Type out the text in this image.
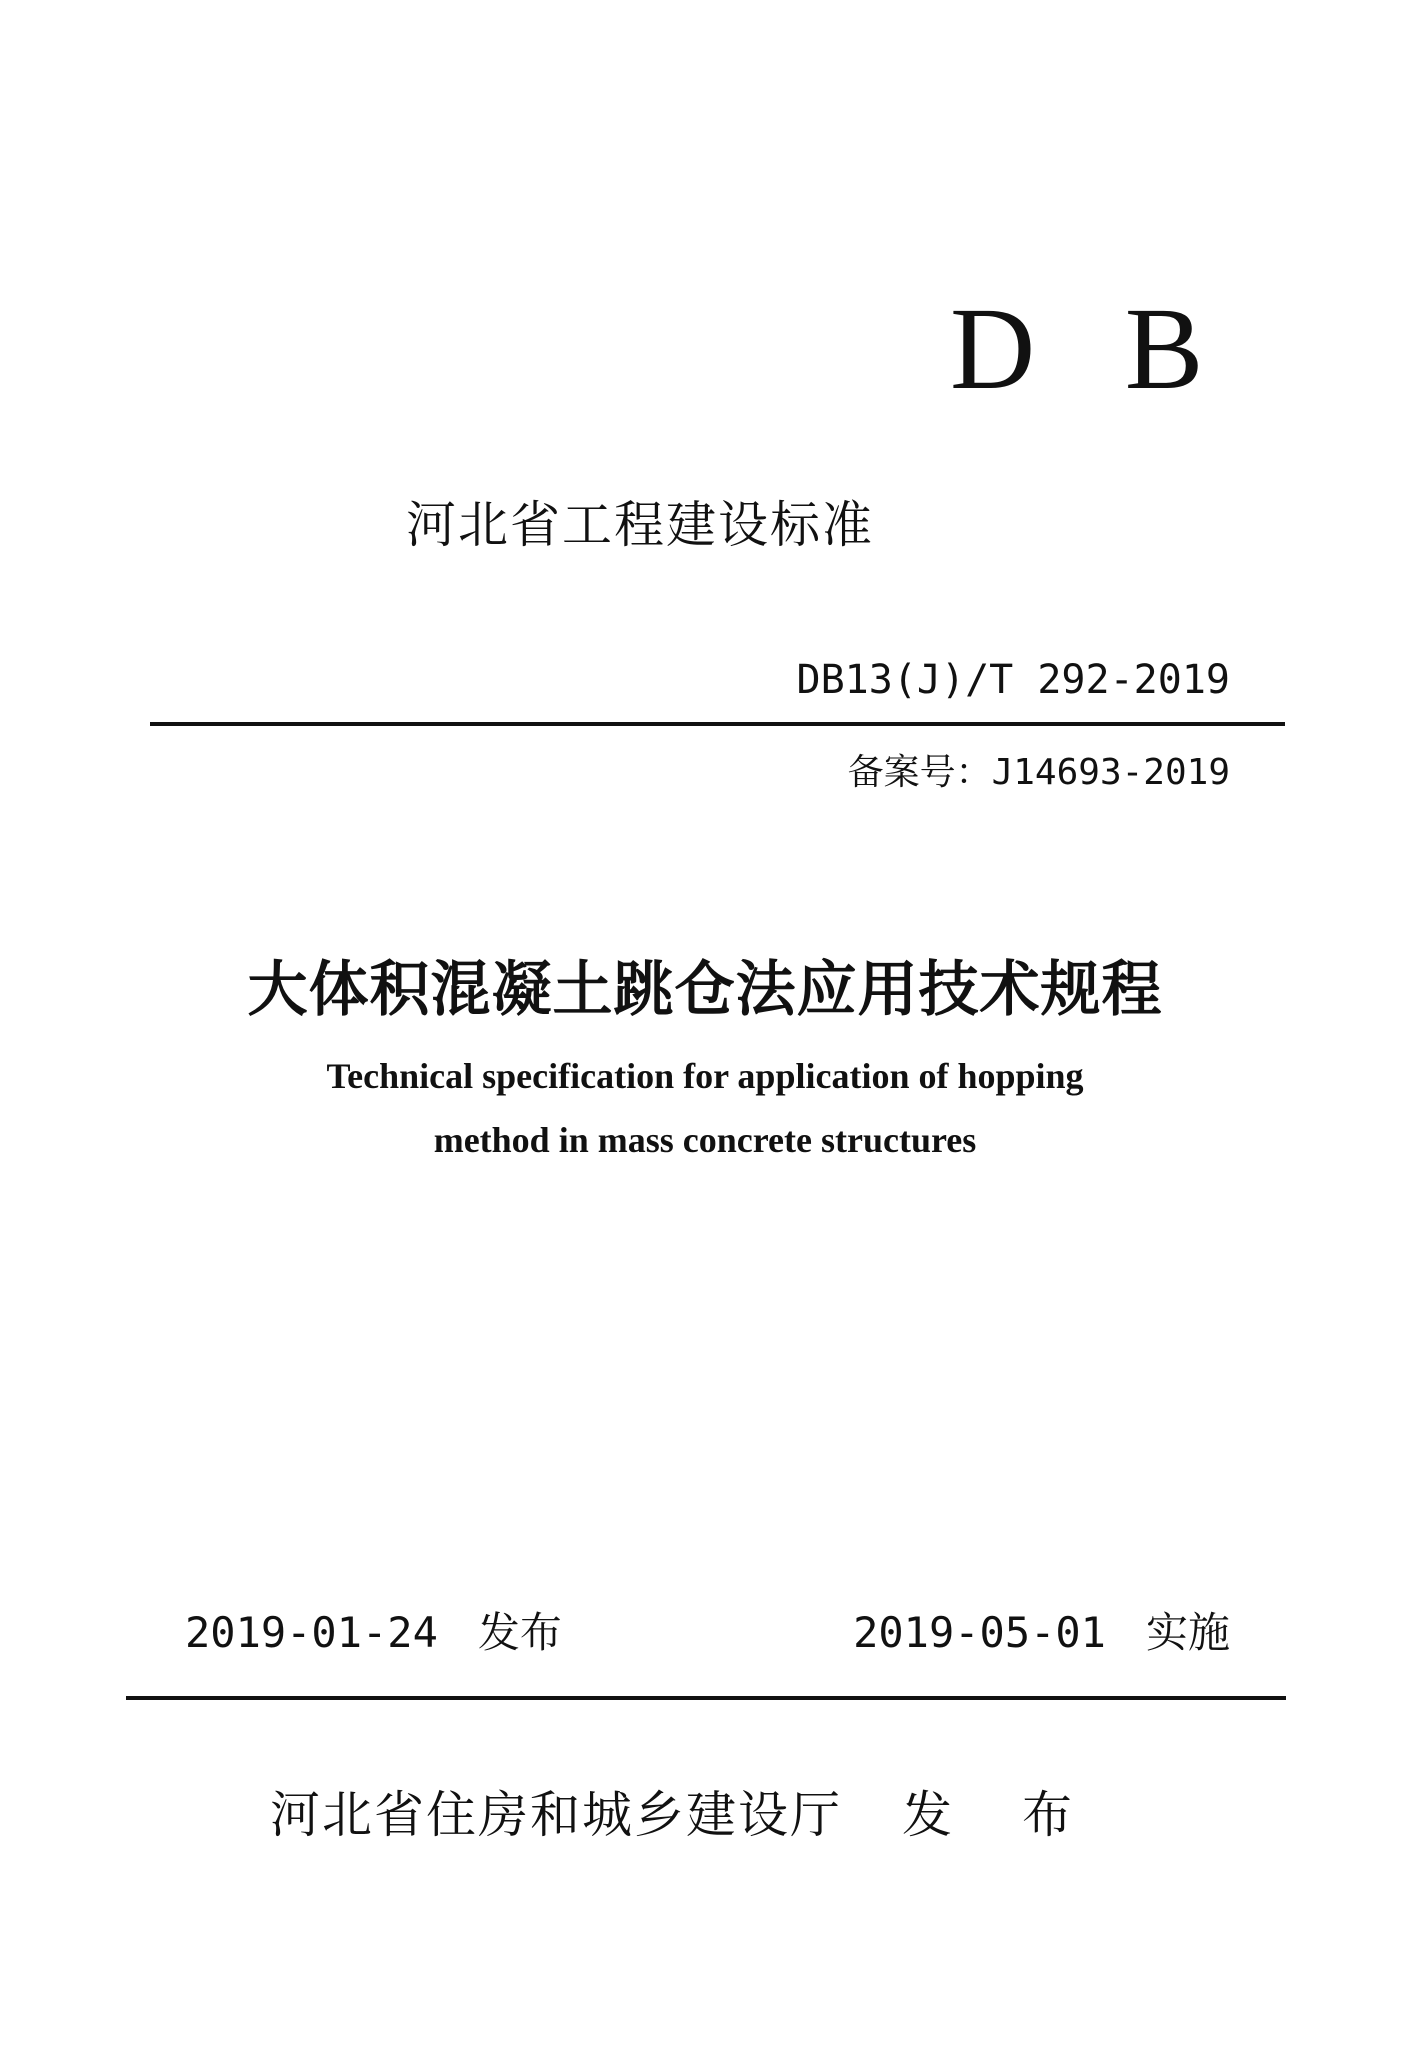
D B
河北省工程建设标准
DB13(J)/T 292-2019
备案号：J14693-2019
大体积混凝土跳仓法应用技术规程
Technical specification for application of hopping
method in mass concrete structures
2019-01-24 发布	2019-05-01 实施
河北省住房和城乡建设厅 发布
